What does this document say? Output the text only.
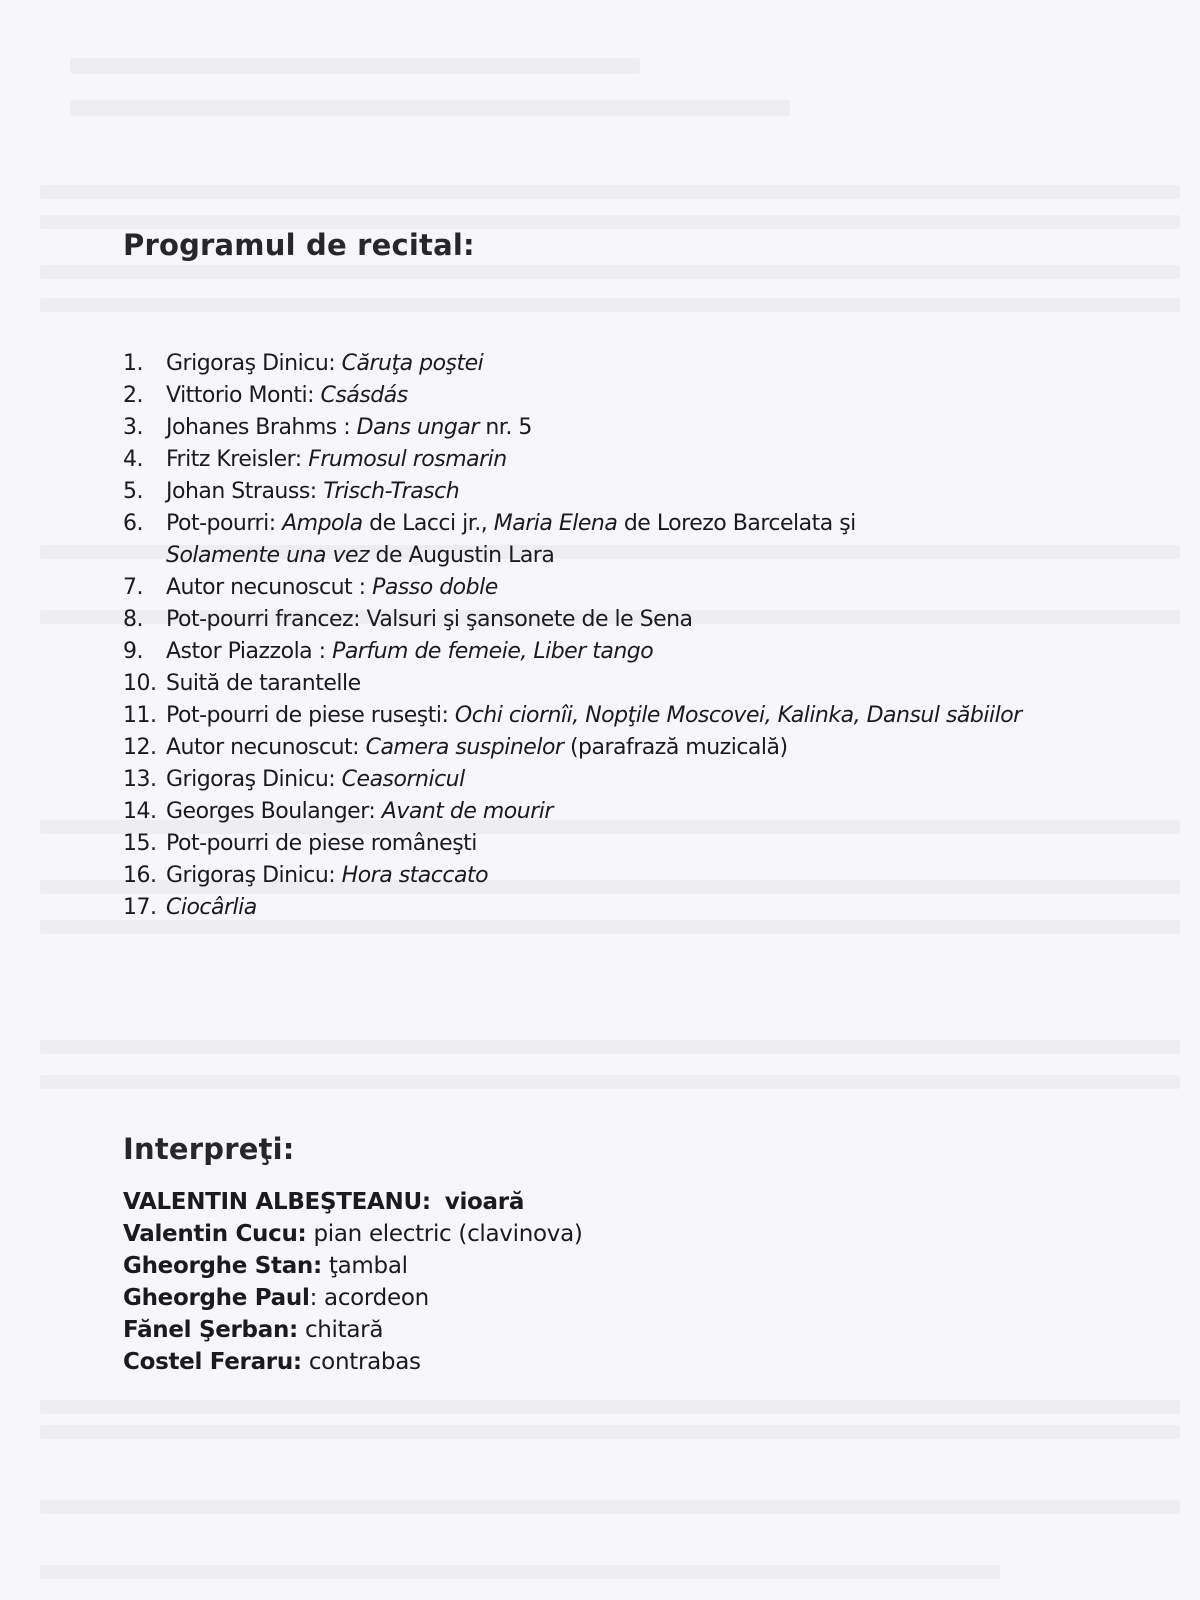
Programul de recital:
1. Grigoraş Dinicu: Căruţa poştei
2. Vittorio Monti: Csásdás
3. Johanes Brahms : Dans ungar nr. 5
4. Fritz Kreisler: Frumosul rosmarin
5. Johan Strauss: Trisch-Trasch
6. Pot-pourri: Ampola de Lacci jr., Maria Elena de Lorezo Barcelata şi
Solamente una vez de Augustin Lara
7. Autor necunoscut : Passo doble
8. Pot-pourri francez: Valsuri şi şansonete de le Sena
9. Astor Piazzola : Parfum de femeie, Liber tango
10. Suită de tarantelle
11. Pot-pourri de piese ruseşti: Ochi ciornîi, Nopţile Moscovei, Kalinka, Dansul săbiilor
12. Autor necunoscut: Camera suspinelor (parafrază muzicală)
13. Grigoraş Dinicu: Ceasornicul
14. Georges Boulanger: Avant de mourir
15. Pot-pourri de piese româneşti
16. Grigoraş Dinicu: Hora staccato
17. Ciocârlia
Interpreţi:
VALENTIN ALBEŞTEANU: vioară
Valentin Cucu: pian electric (clavinova)
Gheorghe Stan: ţambal
Gheorghe Paul: acordeon
Fănel Şerban: chitară
Costel Feraru: contrabas
